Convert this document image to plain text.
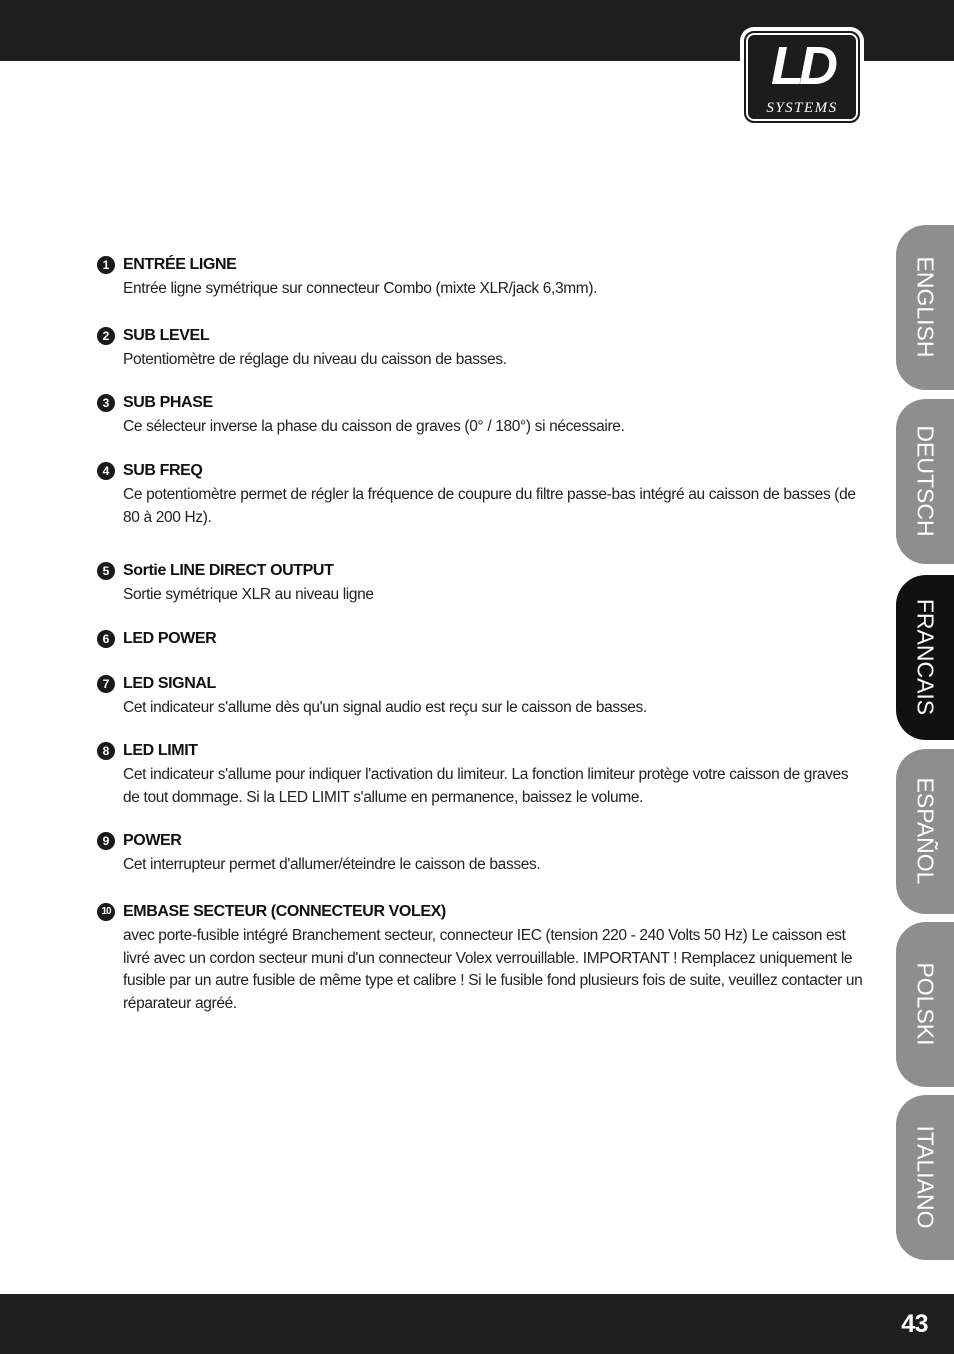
LD
SYSTEMS
ENGLISH
DEUTSCH
FRANCAIS
ESPAÑOL
POLSKI
ITALIANO
1 ENTRÉE LIGNE
Entrée ligne symétrique sur connecteur Combo (mixte XLR/jack 6,3mm).
2 SUB LEVEL
Potentiomètre de réglage du niveau du caisson de basses.
3 SUB PHASE
Ce sélecteur inverse la phase du caisson de graves (0° / 180°) si nécessaire.
4 SUB FREQ
Ce potentiomètre permet de régler la fréquence de coupure du filtre passe-bas intégré au caisson de basses (de 80 à 200 Hz).
5 Sortie LINE DIRECT OUTPUT
Sortie symétrique XLR au niveau ligne
6 LED POWER
7 LED SIGNAL
Cet indicateur s'allume dès qu'un signal audio est reçu sur le caisson de basses.
8 LED LIMIT
Cet indicateur s'allume pour indiquer l'activation du limiteur. La fonction limiteur protège votre caisson de graves de tout dommage. Si la LED LIMIT s'allume en permanence, baissez le volume.
9 POWER
Cet interrupteur permet d'allumer/éteindre le caisson de basses.
10 EMBASE SECTEUR (CONNECTEUR VOLEX)
avec porte-fusible intégré Branchement secteur, connecteur IEC (tension 220 - 240 Volts 50 Hz) Le caisson est livré avec un cordon secteur muni d'un connecteur Volex verrouillable. IMPORTANT ! Remplacez uniquement le fusible par un autre fusible de même type et calibre ! Si le fusible fond plusieurs fois de suite, veuillez contacter un réparateur agréé.
43
